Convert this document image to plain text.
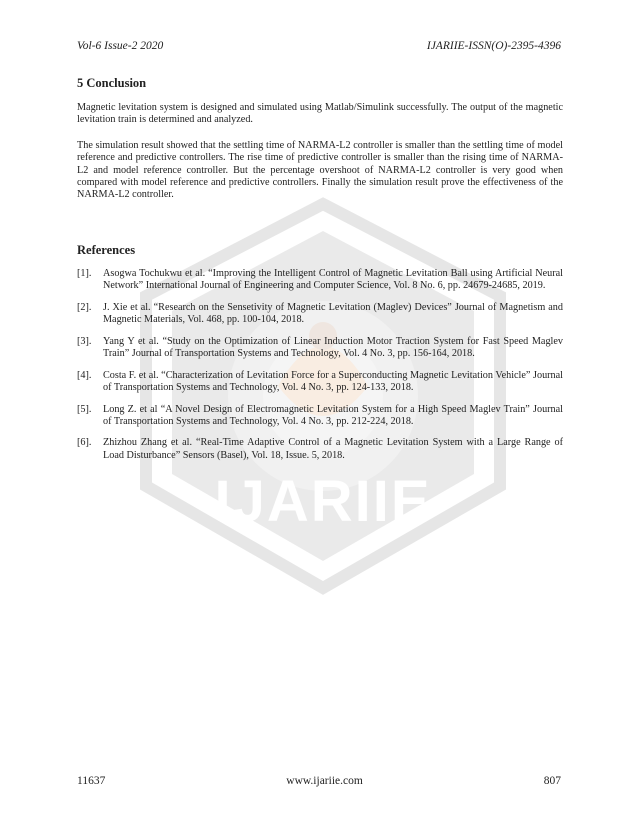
IJARIIE
Vol-6 Issue-2 2020	IJARIIE-ISSN(O)-2395-4396
5 Conclusion

Magnetic levitation system is designed and simulated using Matlab/Simulink successfully. The output of the magnetic levitation train is determined and analyzed.

The simulation result showed that the settling time of NARMA-L2 controller is smaller than the settling time of model reference and predictive controllers. The rise time of predictive controller is smaller than the rising time of NARMA-L2 and model reference controller. But the percentage overshoot of NARMA-L2 controller is very good when compared with model reference and predictive controllers. Finally the simulation result prove the effectiveness of the NARMA-L2 controller.

References
[1].	Asogwa Tochukwu et al. “Improving the Intelligent Control of Magnetic Levitation Ball using Artificial Neural Network” International Journal of Engineering and Computer Science, Vol. 8 No. 6, pp. 24679-24685, 2019.
[2].	J. Xie et al. “Research on the Sensetivity of Magnetic Levitation (Maglev) Devices” Journal of Magnetism and Magnetic Materials, Vol. 468, pp. 100-104, 2018.
[3].	Yang Y et al. “Study on the Optimization of Linear Induction Motor Traction System for Fast Speed Maglev Train” Journal of Transportation Systems and Technology, Vol. 4 No. 3, pp. 156-164, 2018.
[4].	Costa F. et al. “Characterization of Levitation Force for a Superconducting Magnetic Levitation Vehicle” Journal of Transportation Systems and Technology, Vol. 4 No. 3, pp. 124-133, 2018.
[5].	Long Z. et al “A Novel Design of Electromagnetic Levitation System for a High Speed Maglev Train” Journal of Transportation Systems and Technology, Vol. 4 No. 3, pp. 212-224, 2018.
[6].	Zhizhou Zhang et al. “Real-Time Adaptive Control of a Magnetic Levitation System with a Large Range of Load Disturbance” Sensors (Basel), Vol. 18, Issue. 5, 2018.
11637	www.ijariie.com	807
